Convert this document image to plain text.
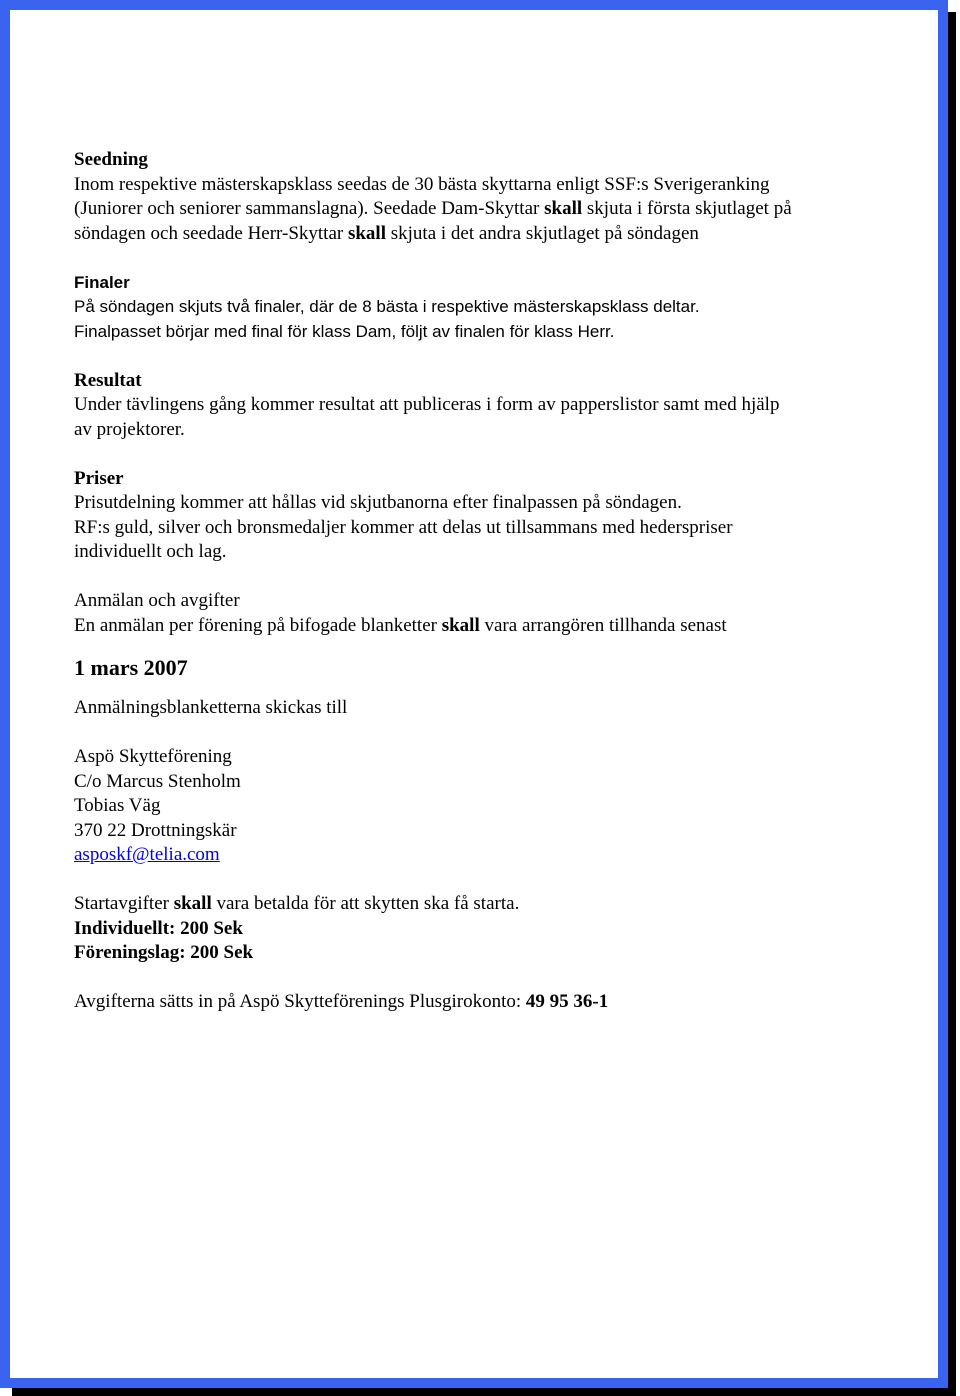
Seedning

Inom respektive mästerskapsklass seedas de 30 bästa skyttarna enligt SSF:s Sverigeranking

(Juniorer och seniorer sammanslagna). Seedade Dam-Skyttar skall skjuta i första skjutlaget på

söndagen och seedade Herr-Skyttar skall skjuta i det andra skjutlaget på söndagen

Finaler

På söndagen skjuts två finaler, där de 8 bästa i respektive mästerskapsklass deltar.

Finalpasset börjar med final för klass Dam, följt av finalen för klass Herr.

Resultat

Under tävlingens gång kommer resultat att publiceras i form av papperslistor samt med hjälp

av projektorer.

Priser

Prisutdelning kommer att hållas vid skjutbanorna efter finalpassen på söndagen.

RF:s guld, silver och bronsmedaljer kommer att delas ut tillsammans med hederspriser

individuellt och lag.

Anmälan och avgifter

En anmälan per förening på bifogade blanketter skall vara arrangören tillhanda senast

1 mars 2007

Anmälningsblanketterna skickas till

Aspö Skytteförening

C/o Marcus Stenholm

Tobias Väg

370 22 Drottningskär

asposkf@telia.com

Startavgifter skall vara betalda för att skytten ska få starta.

Individuellt: 200 Sek

Föreningslag: 200 Sek

Avgifterna sätts in på Aspö Skytteförenings Plusgirokonto: 49 95 36-1
